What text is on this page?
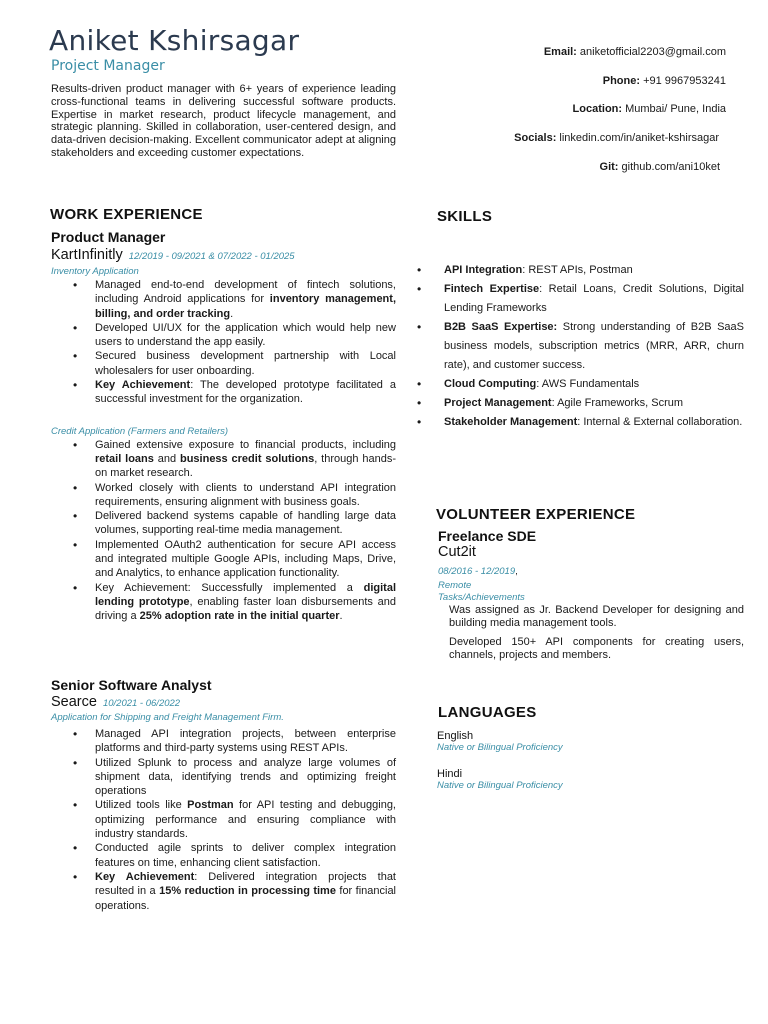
Aniket Kshirsagar
Project Manager
Results-driven product manager with 6+ years of experience leading cross-functional teams in delivering successful software products. Expertise in market research, product lifecycle management, and strategic planning. Skilled in collaboration, user-centered design, and data-driven decision-making. Excellent communicator adept at aligning stakeholders and exceeding customer expectations.
Email: aniketofficial2203@gmail.com
Phone: +91 9967953241
Location: Mumbai/ Pune, India
Socials: linkedin.com/in/aniket-kshirsagar
Git: github.com/ani10ket
WORK EXPERIENCE
Product Manager
KartInfinitly 12/2019 - 09/2021 & 07/2022 - 01/2025
Inventory Application
• Managed end-to-end development of fintech solutions, including Android applications for inventory management, billing, and order tracking.
• Developed UI/UX for the application which would help new users to understand the app easily.
• Secured business development partnership with Local wholesalers for user onboarding.
• Key Achievement: The developed prototype facilitated a successful investment for the organization.
Credit Application (Farmers and Retailers)
• Gained extensive exposure to financial products, including retail loans and business credit solutions, through hands-on market research.
• Worked closely with clients to understand API integration requirements, ensuring alignment with business goals.
• Delivered backend systems capable of handling large data volumes, supporting real-time media management.
• Implemented OAuth2 authentication for secure API access and integrated multiple Google APIs, including Maps, Drive, and Analytics, to enhance application functionality.
• Key Achievement: Successfully implemented a digital lending prototype, enabling faster loan disbursements and driving a 25% adoption rate in the initial quarter.
Senior Software Analyst
Searce 10/2021 - 06/2022
Application for Shipping and Freight Management Firm.
• Managed API integration projects, between enterprise platforms and third-party systems using REST APIs.
• Utilized Splunk to process and analyze large volumes of shipment data, identifying trends and optimizing freight operations
• Utilized tools like Postman for API testing and debugging, optimizing performance and ensuring compliance with industry standards.
• Conducted agile sprints to deliver complex integration features on time, enhancing client satisfaction.
• Key Achievement: Delivered integration projects that resulted in a 15% reduction in processing time for financial operations.
SKILLS
• API Integration: REST APIs, Postman
• Fintech Expertise: Retail Loans, Credit Solutions, Digital Lending Frameworks
• B2B SaaS Expertise: Strong understanding of B2B SaaS business models, subscription metrics (MRR, ARR, churn rate), and customer success.
• Cloud Computing: AWS Fundamentals
• Project Management: Agile Frameworks, Scrum
• Stakeholder Management: Internal & External collaboration.
VOLUNTEER EXPERIENCE
Freelance SDE
Cut2it
08/2016 - 12/2019,
Remote
Tasks/Achievements
Was assigned as Jr. Backend Developer for designing and building media management tools.
Developed 150+ API components for creating users, channels, projects and members.
LANGUAGES
English
Native or Bilingual Proficiency
Hindi
Native or Bilingual Proficiency
